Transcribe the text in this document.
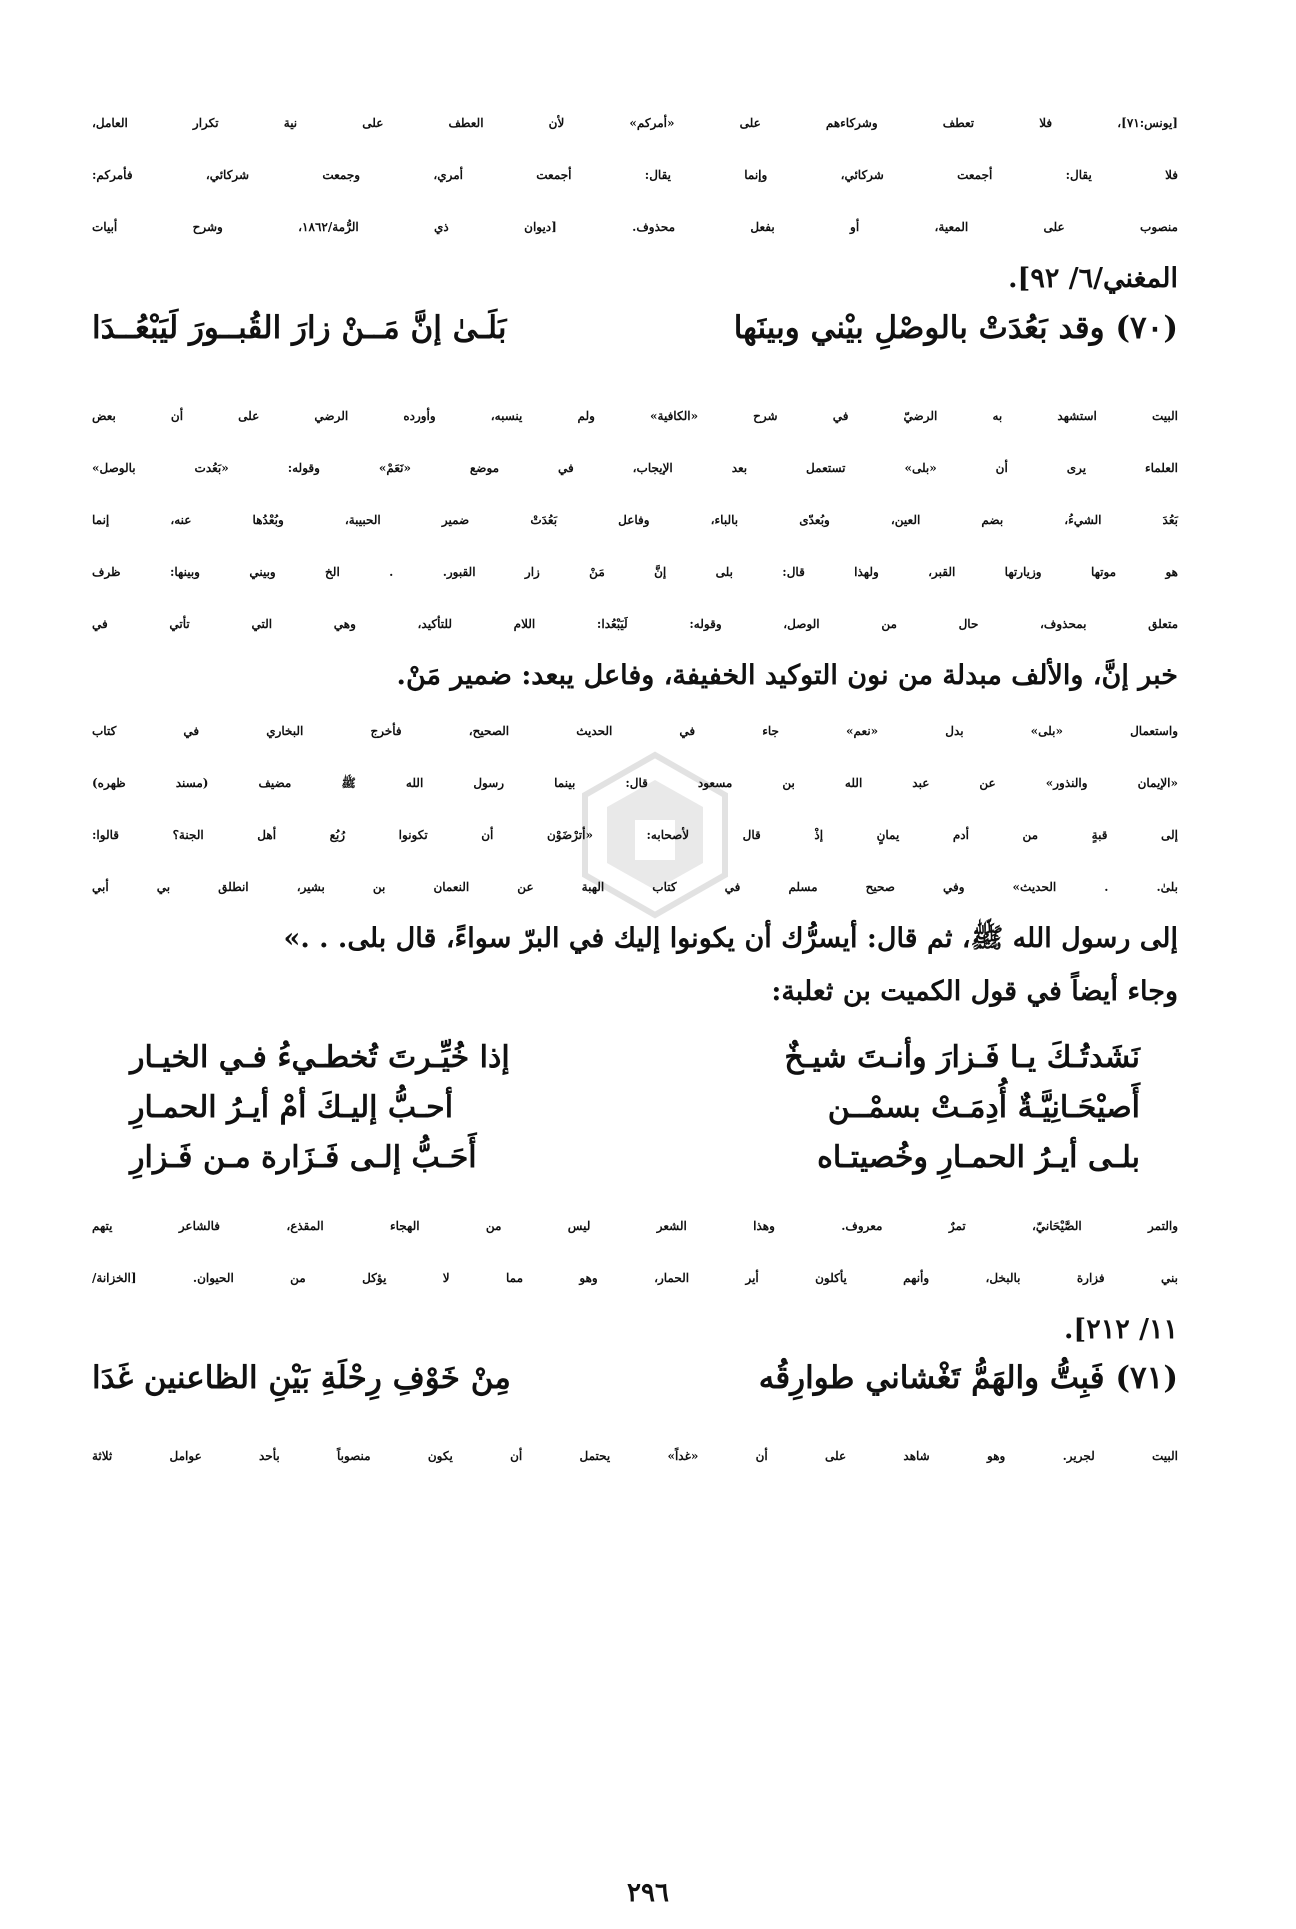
[يونس:٧١]، فلا تعطف وشركاءهم على «أمركم» لأن العطف على نية تكرار العامل،
فلا يقال: أجمعت شركائي، وإنما يقال: أجمعت أمري، وجمعت شركائي، فأمركم:
منصوب على المعية، أو بفعل محذوف. [ديوان ذي الرُّمة/١٨٦٢، وشرح أبيات
المغني/٦/ ٩٢].
(٧٠) وقد بَعُدَتْ بالوصْلِ بيْني وبينَها
بَلَـىٰ إنَّ مَــنْ زارَ القُبــورَ لَيَبْعُــدَا
البيت استشهد به الرضيّ في شرح «الكافية» ولم ينسبه، وأورده الرضي على أن بعض
العلماء يرى أن «بلى» تستعمل بعد الإيجاب، في موضع «نَعَمْ» وقوله: «بَعُدت بالوصل»
بَعُدَ الشيءُ، بضم العين، وبُعدّى بالباء، وفاعل بَعُدَتْ ضمير الحبيبة، وبُعْدُها عنه، إنما
هو موتها وزيارتها القبر، ولهذا قال: بلى إنَّ مَنْ زار القبور. . الخ وبيني وبينها: ظرف
متعلق بمحذوف، حال من الوصل، وقوله: لَيَبْعُدا: اللام للتأكيد، وهي التي تأتي في
خبر إنَّ، والألف مبدلة من نون التوكيد الخفيفة، وفاعل يبعد: ضمير مَنْ.
واستعمال «بلى» بدل «نعم» جاء في الحديث الصحيح، فأخرج البخاري في كتاب
«الإيمان والنذور» عن عبد الله بن مسعود قال: بينما رسول الله ﷺ مضيف (مسند ظهره)
إلى قبةٍ من أدم يمانٍ إذْ قال لأصحابه: «أترْضَوْن أن تكونوا رُبُع أهل الجنة؟ قالوا:
بلىٰ. . الحديث» وفي صحيح مسلم في كتاب الهبة عن النعمان بن بشير، انطلق بي أبي
إلى رسول الله ﷺ، ثم قال: أيسرُّك أن يكونوا إليك في البرّ سواءً، قال بلى. . .»
وجاء أيضاً في قول الكميت بن ثعلبة:
نَشَدتُـكَ يـا فَـزارَ وأنـتَ شيـخٌ
إذا خُيِّـرتَ تُخطـيءُ فـي الخيـار
أَصيْحَـانِيَّـةٌ أُدِمَـتْ بسمْــن
أحـبُّ إليـكَ أمْ أيـرُ الحمـارِ
بلـى أيـرُ الحمـارِ وخُصيتـاه
أَحَـبُّ إلـى فَـزَارة مـن فَـزارِ
والتمر الصَّيْحَانيّ، تمرٌ معروف. وهذا الشعر ليس من الهجاء المقذع، فالشاعر يتهم
بني فزارة بالبخل، وأنهم يأكلون أير الحمار، وهو مما لا يؤكل من الحيوان. [الخزانة/
١١/ ٢١٢].
(٧١) فَبِتُّ والهَمُّ تَغْشاني طوارِقُه
مِنْ خَوْفِ رِحْلَةِ بَيْنِ الظاعنين غَدَا
البيت لجرير. وهو شاهد على أن «غداً» يحتمل أن يكون منصوباً بأحد عوامل ثلاثة
٢٩٦
